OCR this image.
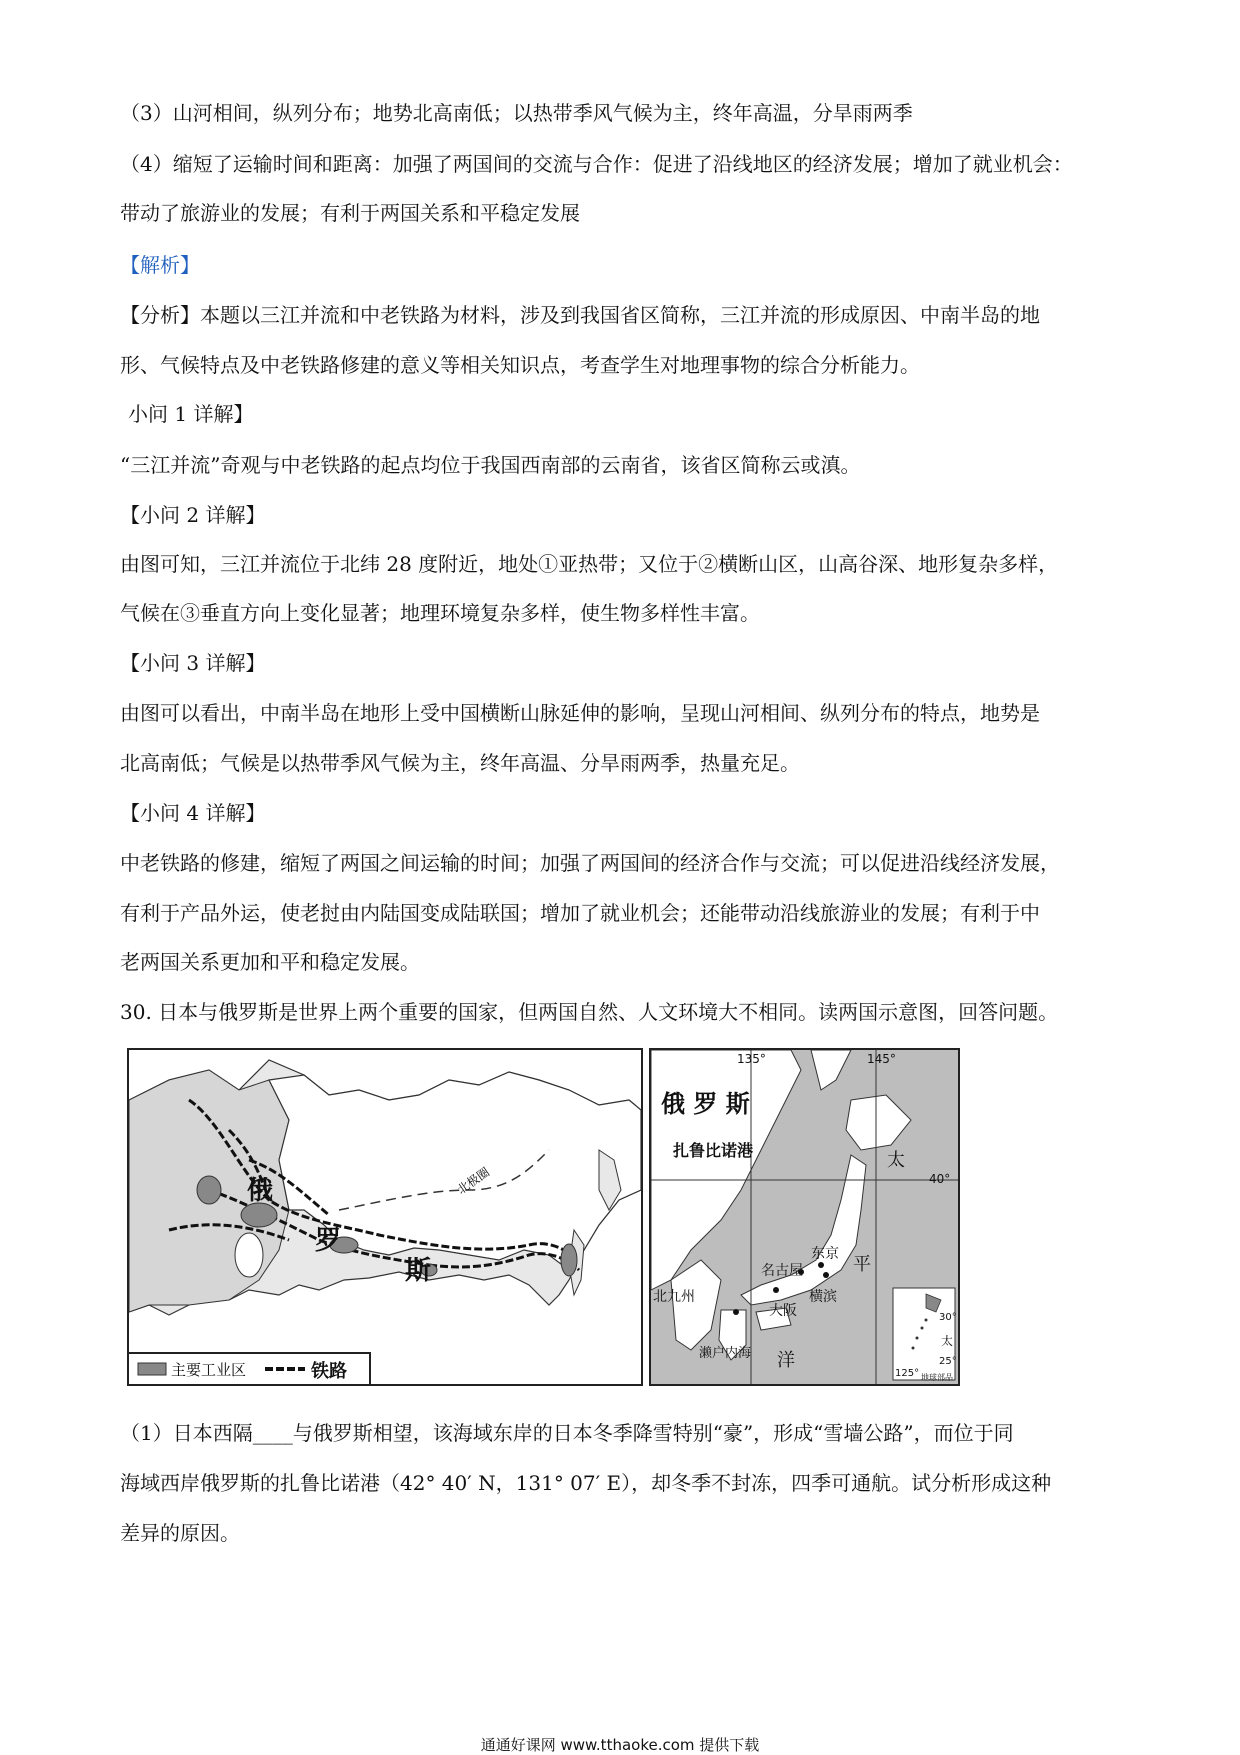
（3）山河相间，纵列分布；地势北高南低；以热带季风气候为主，终年高温，分旱雨两季
（4）缩短了运输时间和距离：加强了两国间的交流与合作：促进了沿线地区的经济发展；增加了就业机会：
带动了旅游业的发展；有利于两国关系和平稳定发展
【解析】
【分析】本题以三江并流和中老铁路为材料，涉及到我国省区简称，三江并流的形成原因、中南半岛的地
形、气候特点及中老铁路修建的意义等相关知识点，考查学生对地理事物的综合分析能力。
小问 1 详解】
“三江并流”奇观与中老铁路的起点均位于我国西南部的云南省，该省区简称云或滇。
【小问 2 详解】
由图可知，三江并流位于北纬 28 度附近，地处①亚热带；又位于②横断山区，山高谷深、地形复杂多样，
气候在③垂直方向上变化显著；地理环境复杂多样，使生物多样性丰富。
【小问 3 详解】
由图可以看出，中南半岛在地形上受中国横断山脉延伸的影响，呈现山河相间、纵列分布的特点，地势是
北高南低；气候是以热带季风气候为主，终年高温、分旱雨两季，热量充足。
【小问 4 详解】
中老铁路的修建，缩短了两国之间运输的时间；加强了两国间的经济合作与交流；可以促进沿线经济发展，
有利于产品外运，使老挝由内陆国变成陆联国；增加了就业机会；还能带动沿线旅游业的发展；有利于中
老两国关系更加和平和稳定发展。
30. 日本与俄罗斯是世界上两个重要的国家，但两国自然、人文环境大不相同。读两国示意图，回答问题。
俄
罗
斯
北极圈
主要工业区	铁路
俄 罗 斯
135°	145°
40°
扎鲁比诺港
东京
名古屋
横滨
大阪
北九州
濑户内海
太
平
洋
30°
25°
125°
太
地球部品
（1）日本西隔____与俄罗斯相望，该海域东岸的日本冬季降雪特别“豪”，形成“雪墙公路”，而位于同
海域西岸俄罗斯的扎鲁比诺港（42° 40′ N，131° 07′ E），却冬季不封冻，四季可通航。试分析形成这种
差异的原因。
通通好课网 www.tthaoke.com 提供下载
